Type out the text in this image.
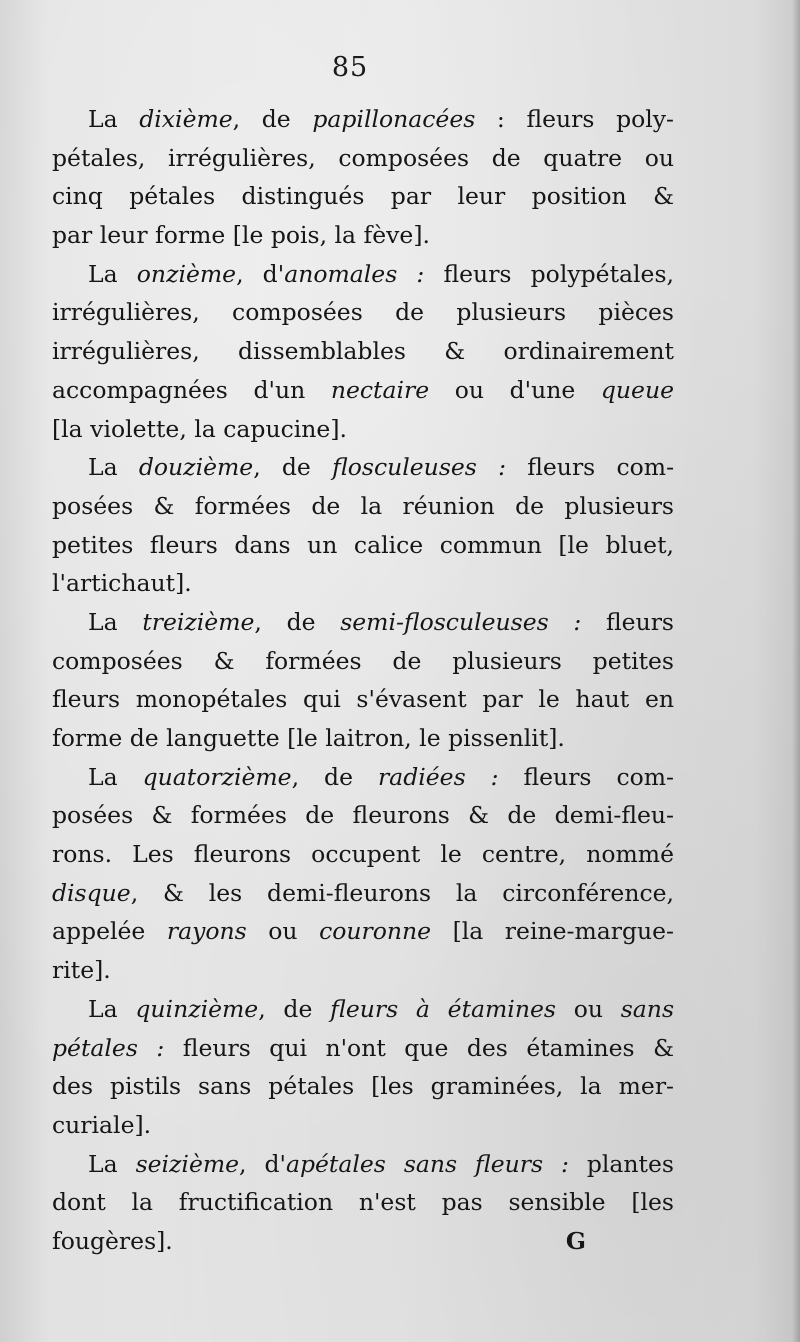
85
La dixième, de papillonacées : fleurs poly-
pétales, irrégulières, composées de quatre ou
cinq pétales distingués par leur position &
par leur forme [le pois, la fève].
La onzième, d'anomales : fleurs polypétales,
irrégulières, composées de plusieurs pièces
irrégulières, dissemblables & ordinairement
accompagnées d'un nectaire ou d'une queue
[la violette, la capucine].
La douzième, de flosculeuses : fleurs com-
posées & formées de la réunion de plusieurs
petites fleurs dans un calice commun [le bluet,
l'artichaut].
La treizième, de semi-flosculeuses : fleurs
composées & formées de plusieurs petites
fleurs monopétales qui s'évasent par le haut en
forme de languette [le laitron, le pissenlit].
La quatorzième, de radiées : fleurs com-
posées & formées de fleurons & de demi-fleu-
rons. Les fleurons occupent le centre, nommé
disque, & les demi-fleurons la circonférence,
appelée rayons ou couronne [la reine-margue-
rite].
La quinzième, de fleurs à étamines ou sans
pétales : fleurs qui n'ont que des étamines &
des pistils sans pétales [les graminées, la mer-
curiale].
La seizième, d'apétales sans fleurs : plantes
dont la fructification n'est pas sensible [les
fougères].	G
